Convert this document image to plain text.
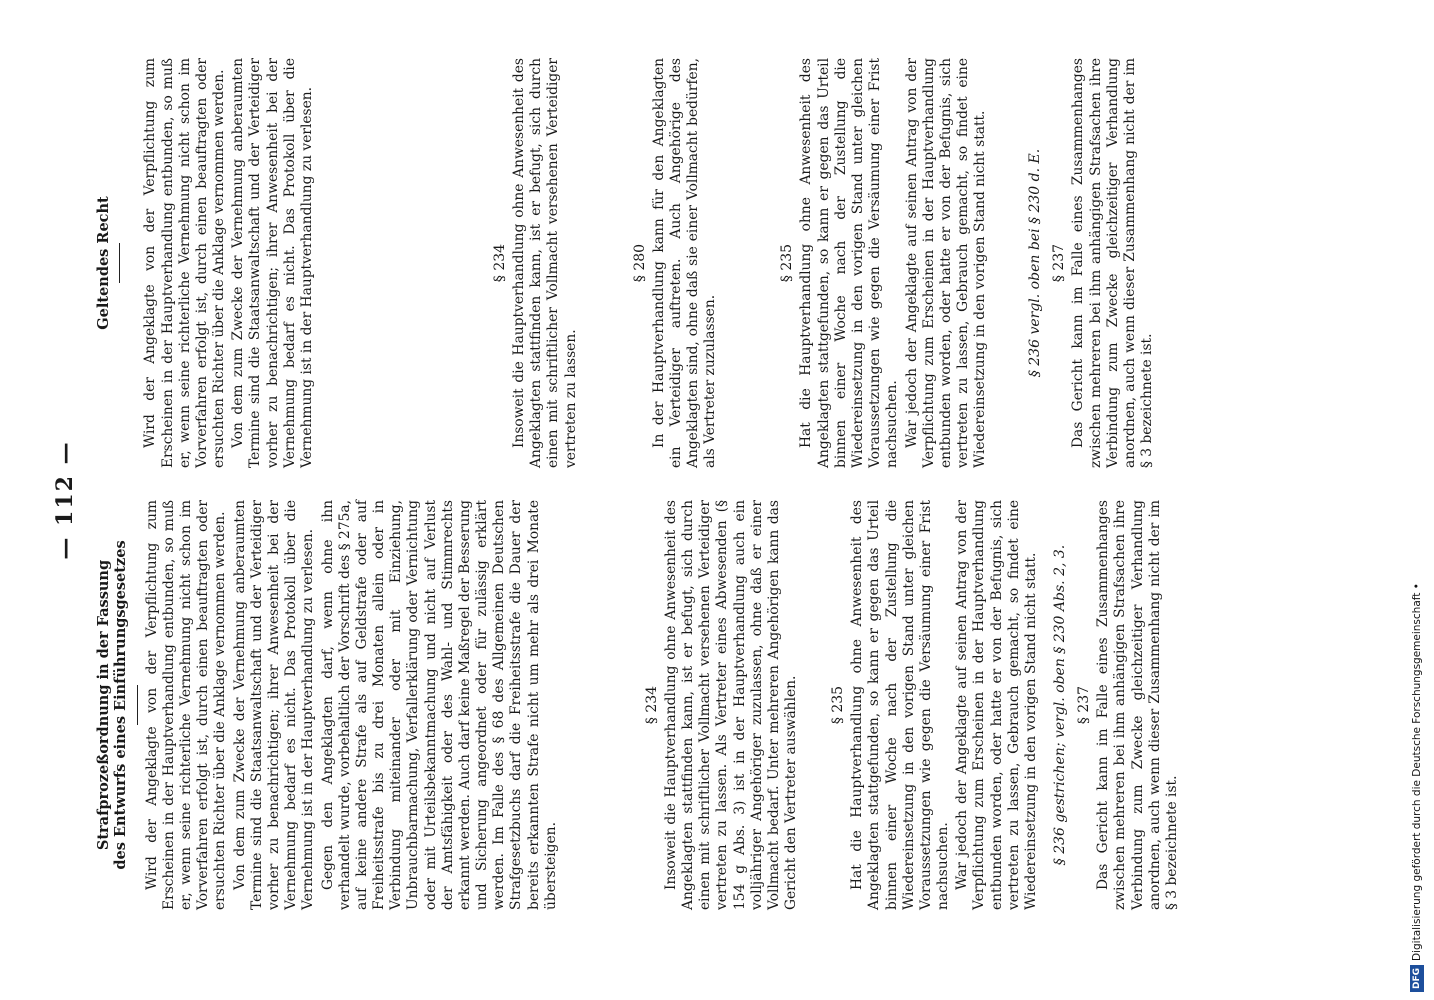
— 112 —
Strafprozeßordnung in der Fassung des Entwurfs eines Einführungsgesetzes Wird der Angeklagte von der Verpflichtung zum Erscheinen in der Hauptverhandlung entbunden, so muß er, wenn seine richterliche Vernehmung nicht schon im Vorverfahren erfolgt ist, durch einen beauftragten oder ersuchten Richter über die Anklage vernommen werden. Von dem zum Zwecke der Vernehmung anberaumten Termine sind die Staatsanwaltschaft und der Verteidiger vorher zu benachrichtigen; ihrer Anwesenheit bei der Vernehmung bedarf es nicht. Das Protokoll über die Vernehmung ist in der Hauptverhandlung zu verlesen. Gegen den Angeklagten darf, wenn ohne ihn verhandelt wurde, vorbehaltlich der Vorschrift des § 275a, auf keine andere Strafe als auf Geldstrafe oder auf Freiheitsstrafe bis zu drei Monaten allein oder in Verbindung miteinander oder mit Einziehung, Unbrauchbarmachung, Verfallerklärung oder Vernichtung oder mit Urteilsbekanntmachung und nicht auf Verlust der Amtsfähigkeit oder des Wahl- und Stimmrechts erkannt werden. Auch darf keine Maßregel der Besserung und Sicherung angeordnet oder für zulässig erklärt werden. Im Falle des § 68 des Allgemeinen Deutschen Strafgesetzbuchs darf die Freiheitsstrafe die Dauer der bereits erkannten Strafe nicht um mehr als drei Monate übersteigen.

§ 234 Insoweit die Hauptverhandlung ohne Anwesenheit des Angeklagten stattfinden kann, ist er befugt, sich durch einen mit schriftlicher Vollmacht versehenen Verteidiger vertreten zu lassen. Als Vertreter eines Abwesenden (§ 154 g Abs. 3) ist in der Hauptverhandlung auch ein volljähriger Angehöriger zuzulassen, ohne daß er einer Vollmacht bedarf. Unter mehreren Angehörigen kann das Gericht den Vertreter auswählen. § 235 Hat die Hauptverhandlung ohne Anwesenheit des Angeklagten stattgefunden, so kann er gegen das Urteil binnen einer Woche nach der Zustellung die Wiedereinsetzung in den vorigen Stand unter gleichen Voraussetzungen wie gegen die Versäumung einer Frist nachsuchen. War jedoch der Angeklagte auf seinen Antrag von der Verpflichtung zum Erscheinen in der Hauptverhandlung entbunden worden, oder hatte er von der Befugnis, sich vertreten zu lassen, Gebrauch gemacht, so findet eine Wiedereinsetzung in den vorigen Stand nicht statt. § 236 gestrichen; vergl. oben § 230 Abs. 2, 3. § 237 Das Gericht kann im Falle eines Zusammenhanges zwischen mehreren bei ihm anhängigen Strafsachen ihre Verbindung zum Zwecke gleichzeitiger Verhandlung anordnen, auch wenn dieser Zusammenhang nicht der im § 3 bezeichnete ist.

Geltendes Recht Wird der Angeklagte von der Verpflichtung zum Erscheinen in der Hauptverhandlung entbunden, so muß er, wenn seine richterliche Vernehmung nicht schon im Vorverfahren erfolgt ist, durch einen beauftragten oder ersuchten Richter über die Anklage vernommen werden. Von dem zum Zwecke der Vernehmung anberaumten Termine sind die Staatsanwaltschaft und der Verteidiger vorher zu benachrichtigen; ihrer Anwesenheit bei der Vernehmung bedarf es nicht. Das Protokoll über die Vernehmung ist in der Hauptverhandlung zu verlesen.	§ 234 Insoweit die Hauptverhandlung ohne Anwesenheit des Angeklagten stattfinden kann, ist er befugt, sich durch einen mit schriftlicher Vollmacht versehenen Verteidiger vertreten zu lassen.

§ 280 In der Hauptverhandlung kann für den Angeklagten ein Verteidiger auftreten. Auch Angehörige des Angeklagten sind, ohne daß sie einer Vollmacht bedürfen, als Vertreter zuzulassen.

§ 235 Hat die Hauptverhandlung ohne Anwesenheit des Angeklagten stattgefunden, so kann er gegen das Urteil binnen einer Woche nach der Zustellung die Wiedereinsetzung in den vorigen Stand unter gleichen Voraussetzungen wie gegen die Versäumung einer Frist nachsuchen. War jedoch der Angeklagte auf seinen Antrag von der Verpflichtung zum Erscheinen in der Hauptverhandlung entbunden worden, oder hatte er von der Befugnis, sich vertreten zu lassen, Gebrauch gemacht, so findet eine Wiedereinsetzung in den vorigen Stand nicht statt.	§ 236 vergl. oben bei § 230 d. E. § 237 Das Gericht kann im Falle eines Zusammenhanges zwischen mehreren bei ihm anhängigen Strafsachen ihre Verbindung zum Zwecke gleichzeitiger Verhandlung anordnen, auch wenn dieser Zusammenhang nicht der im § 3 bezeichnete ist.

DFG
Digitalisierung gefördert durch die Deutsche Forschungsgemeinschaft •
